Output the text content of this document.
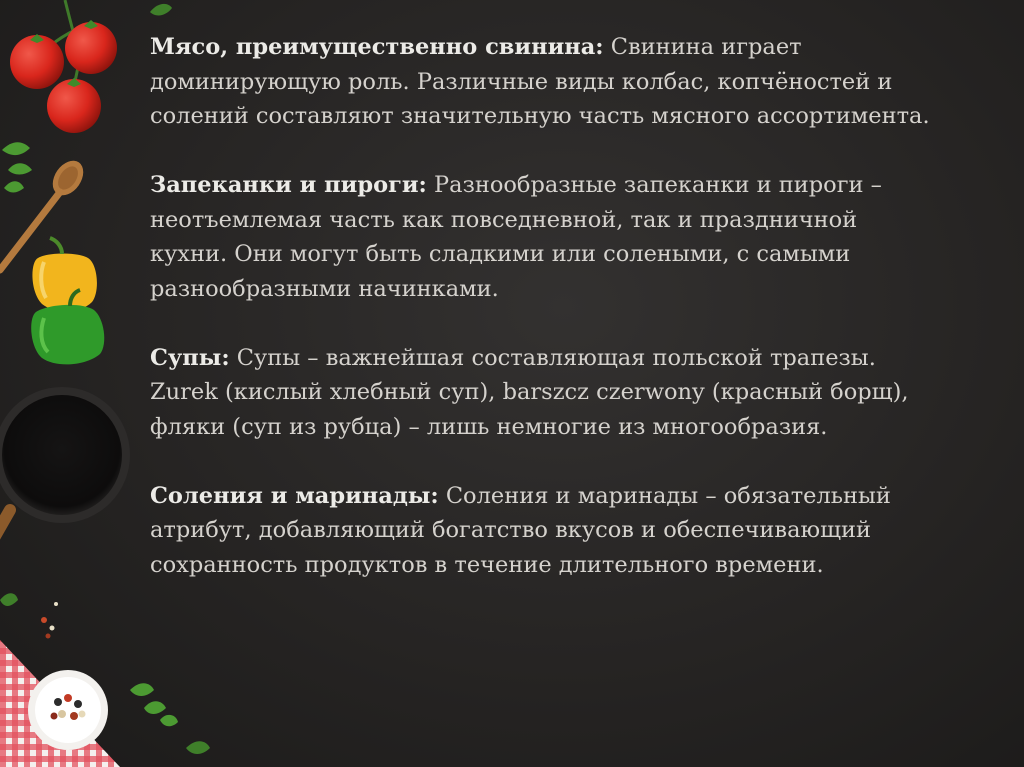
Мясо, преимущественно свинина: Свинина играет доминирующую роль. Различные виды колбас, копчёностей и солений составляют значительную часть мясного ассортимента.

Запеканки и пироги: Разнообразные запеканки и пироги – неотъемлемая часть как повседневной, так и праздничной кухни. Они могут быть сладкими или солеными, с самыми разнообразными начинками.

Супы: Супы – важнейшая составляющая польской трапезы. Zurek (кислый хлебный суп), barszcz czerwony (красный борщ), фляки (суп из рубца) – лишь немногие из многообразия.

Соления и маринады: Соления и маринады – обязательный атрибут, добавляющий богатство вкусов и обеспечивающий сохранность продуктов в течение длительного времени.
